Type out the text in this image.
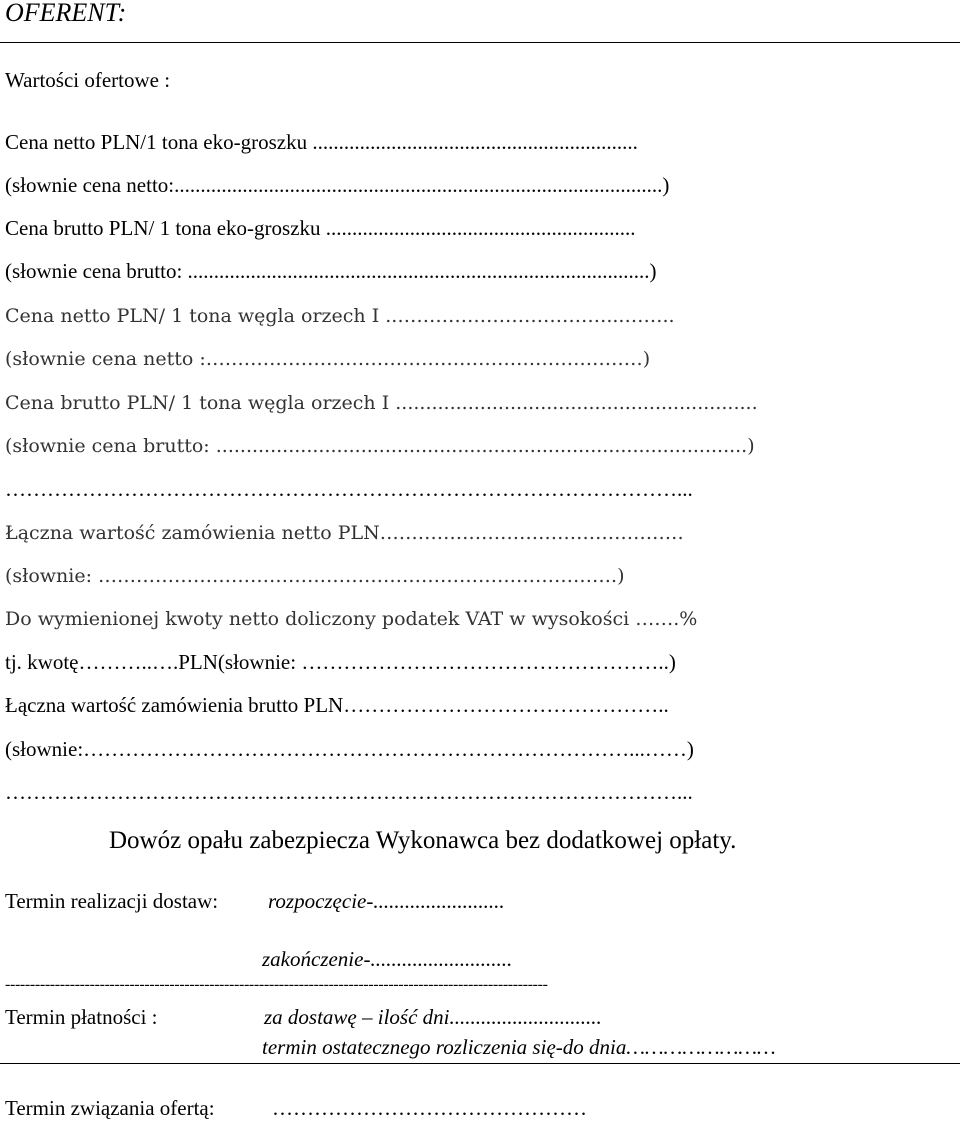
OFERENT:
Wartości ofertowe :
Cena netto PLN/1 tona eko-groszku ..............................................................
(słownie cena netto:.............................................................................................)
Cena brutto PLN/ 1 tona eko-groszku ...........................................................
(słownie cena brutto: ........................................................................................)
Cena netto PLN/ 1 tona węgla orzech I ..……………………………...……..
(słownie cena netto :……………………………………………………………)
Cena brutto PLN/ 1 tona węgla orzech I ............................................................
(słownie cena brutto: ........................................................................................)
……………………………………………………………………………………...
Łączna wartość zamówienia netto PLN…………………………………………
(słownie: ……………………………………………………………………….)
Do wymienionej kwoty netto doliczony podatek VAT w wysokości …….%
tj. kwotę………..….PLN(słownie: ……………………………………………..)
Łączna wartość zamówienia brutto PLN………………………………………..
(słownie:……………………………………………………………………...……)
……………………………………………………………………………………...
Dowóz opału zabezpiecza Wykonawca bez dodatkowej opłaty.
Termin realizacji dostaw: rozpoczęcie-.........................
zakończenie-...........................
-------------------------------------------------------------------------------------------------------------
Termin płatności :	za dostawę – ilość dni.............................
termin ostatecznego rozliczenia się-do dnia……………………
Termin związania ofertą:	………………………………………
